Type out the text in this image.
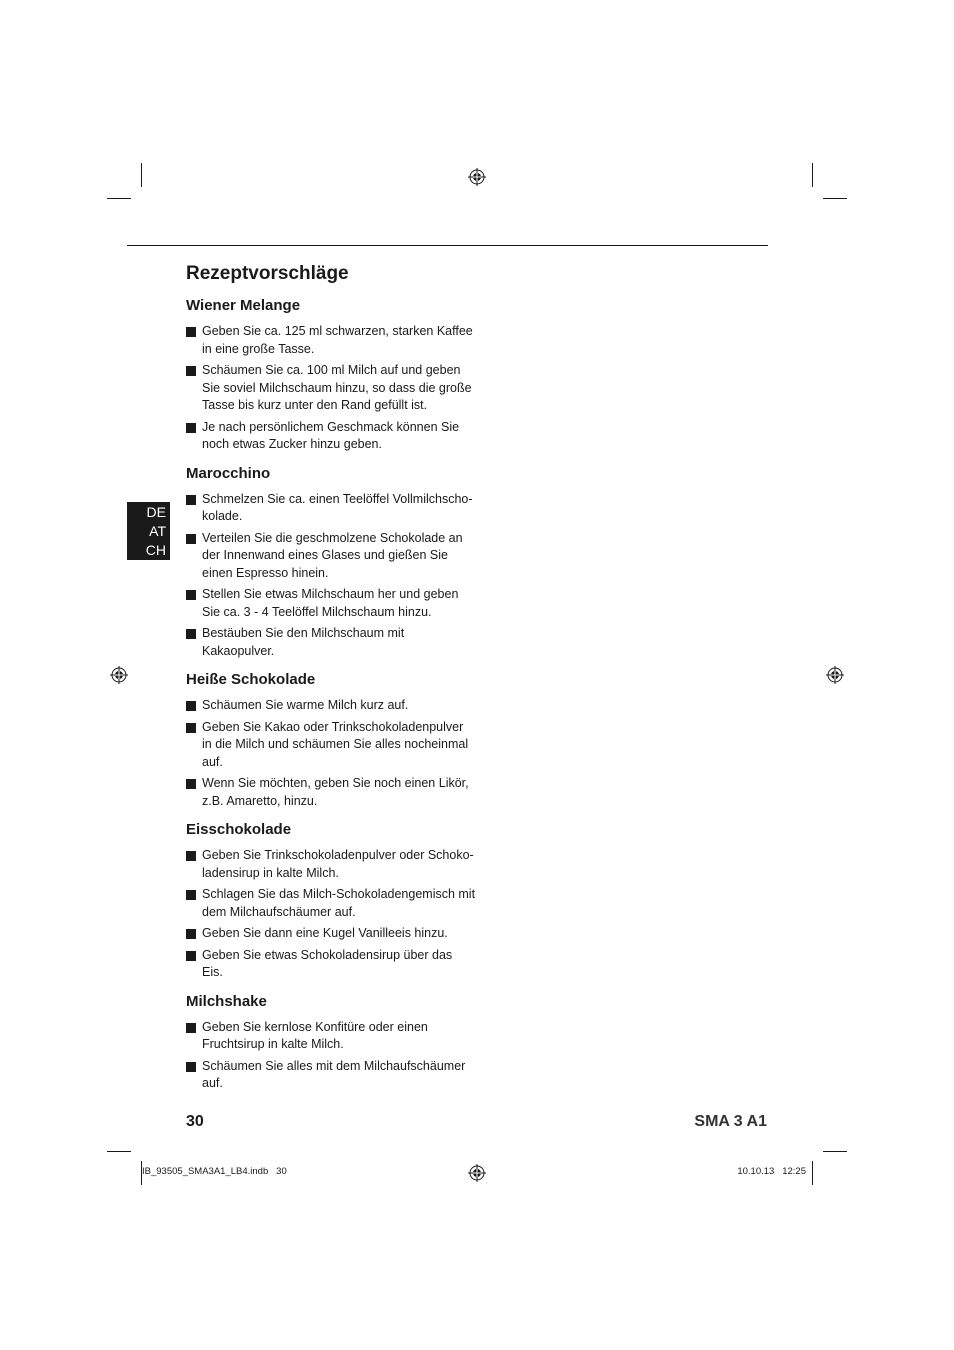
DE
AT
CH
Rezeptvorschläge
Wiener Melange
Geben Sie ca. 125 ml schwarzen, starken Kaffee in eine große Tasse.
Schäumen Sie ca. 100 ml Milch auf und geben Sie soviel Milchschaum hinzu, so dass die große Tasse bis kurz unter den Rand gefüllt ist.
Je nach persönlichem Geschmack können Sie noch etwas Zucker hinzu geben.
Marocchino
Schmelzen Sie ca. einen Teelöffel Vollmilchscho-kolade.
Verteilen Sie die geschmolzene Schokolade an der Innenwand eines Glases und gießen Sie einen Espresso hinein.
Stellen Sie etwas Milchschaum her und geben Sie ca. 3 - 4 Teelöffel Milchschaum hinzu.
Bestäuben Sie den Milchschaum mit Kakaopulver.
Heiße Schokolade
Schäumen Sie warme Milch kurz auf.
Geben Sie Kakao oder Trinkschokoladenpulver in die Milch und schäumen Sie alles nocheinmal auf.
Wenn Sie möchten, geben Sie noch einen Likör, z.B. Amaretto, hinzu.
Eisschokolade
Geben Sie Trinkschokoladenpulver oder Schoko-ladensirup in kalte Milch.
Schlagen Sie das Milch-Schokoladengemisch mit dem Milchaufschäumer auf.
Geben Sie dann eine Kugel Vanilleeis hinzu.
Geben Sie etwas Schokoladensirup über das Eis.
Milchshake
Geben Sie kernlose Konfitüre oder einen Fruchtsirup in kalte Milch.
Schäumen Sie alles mit dem Milchaufschäumer auf.
30	SMA 3 A1
IB_93505_SMA3A1_LB4.indb   30	10.10.13   12:25
